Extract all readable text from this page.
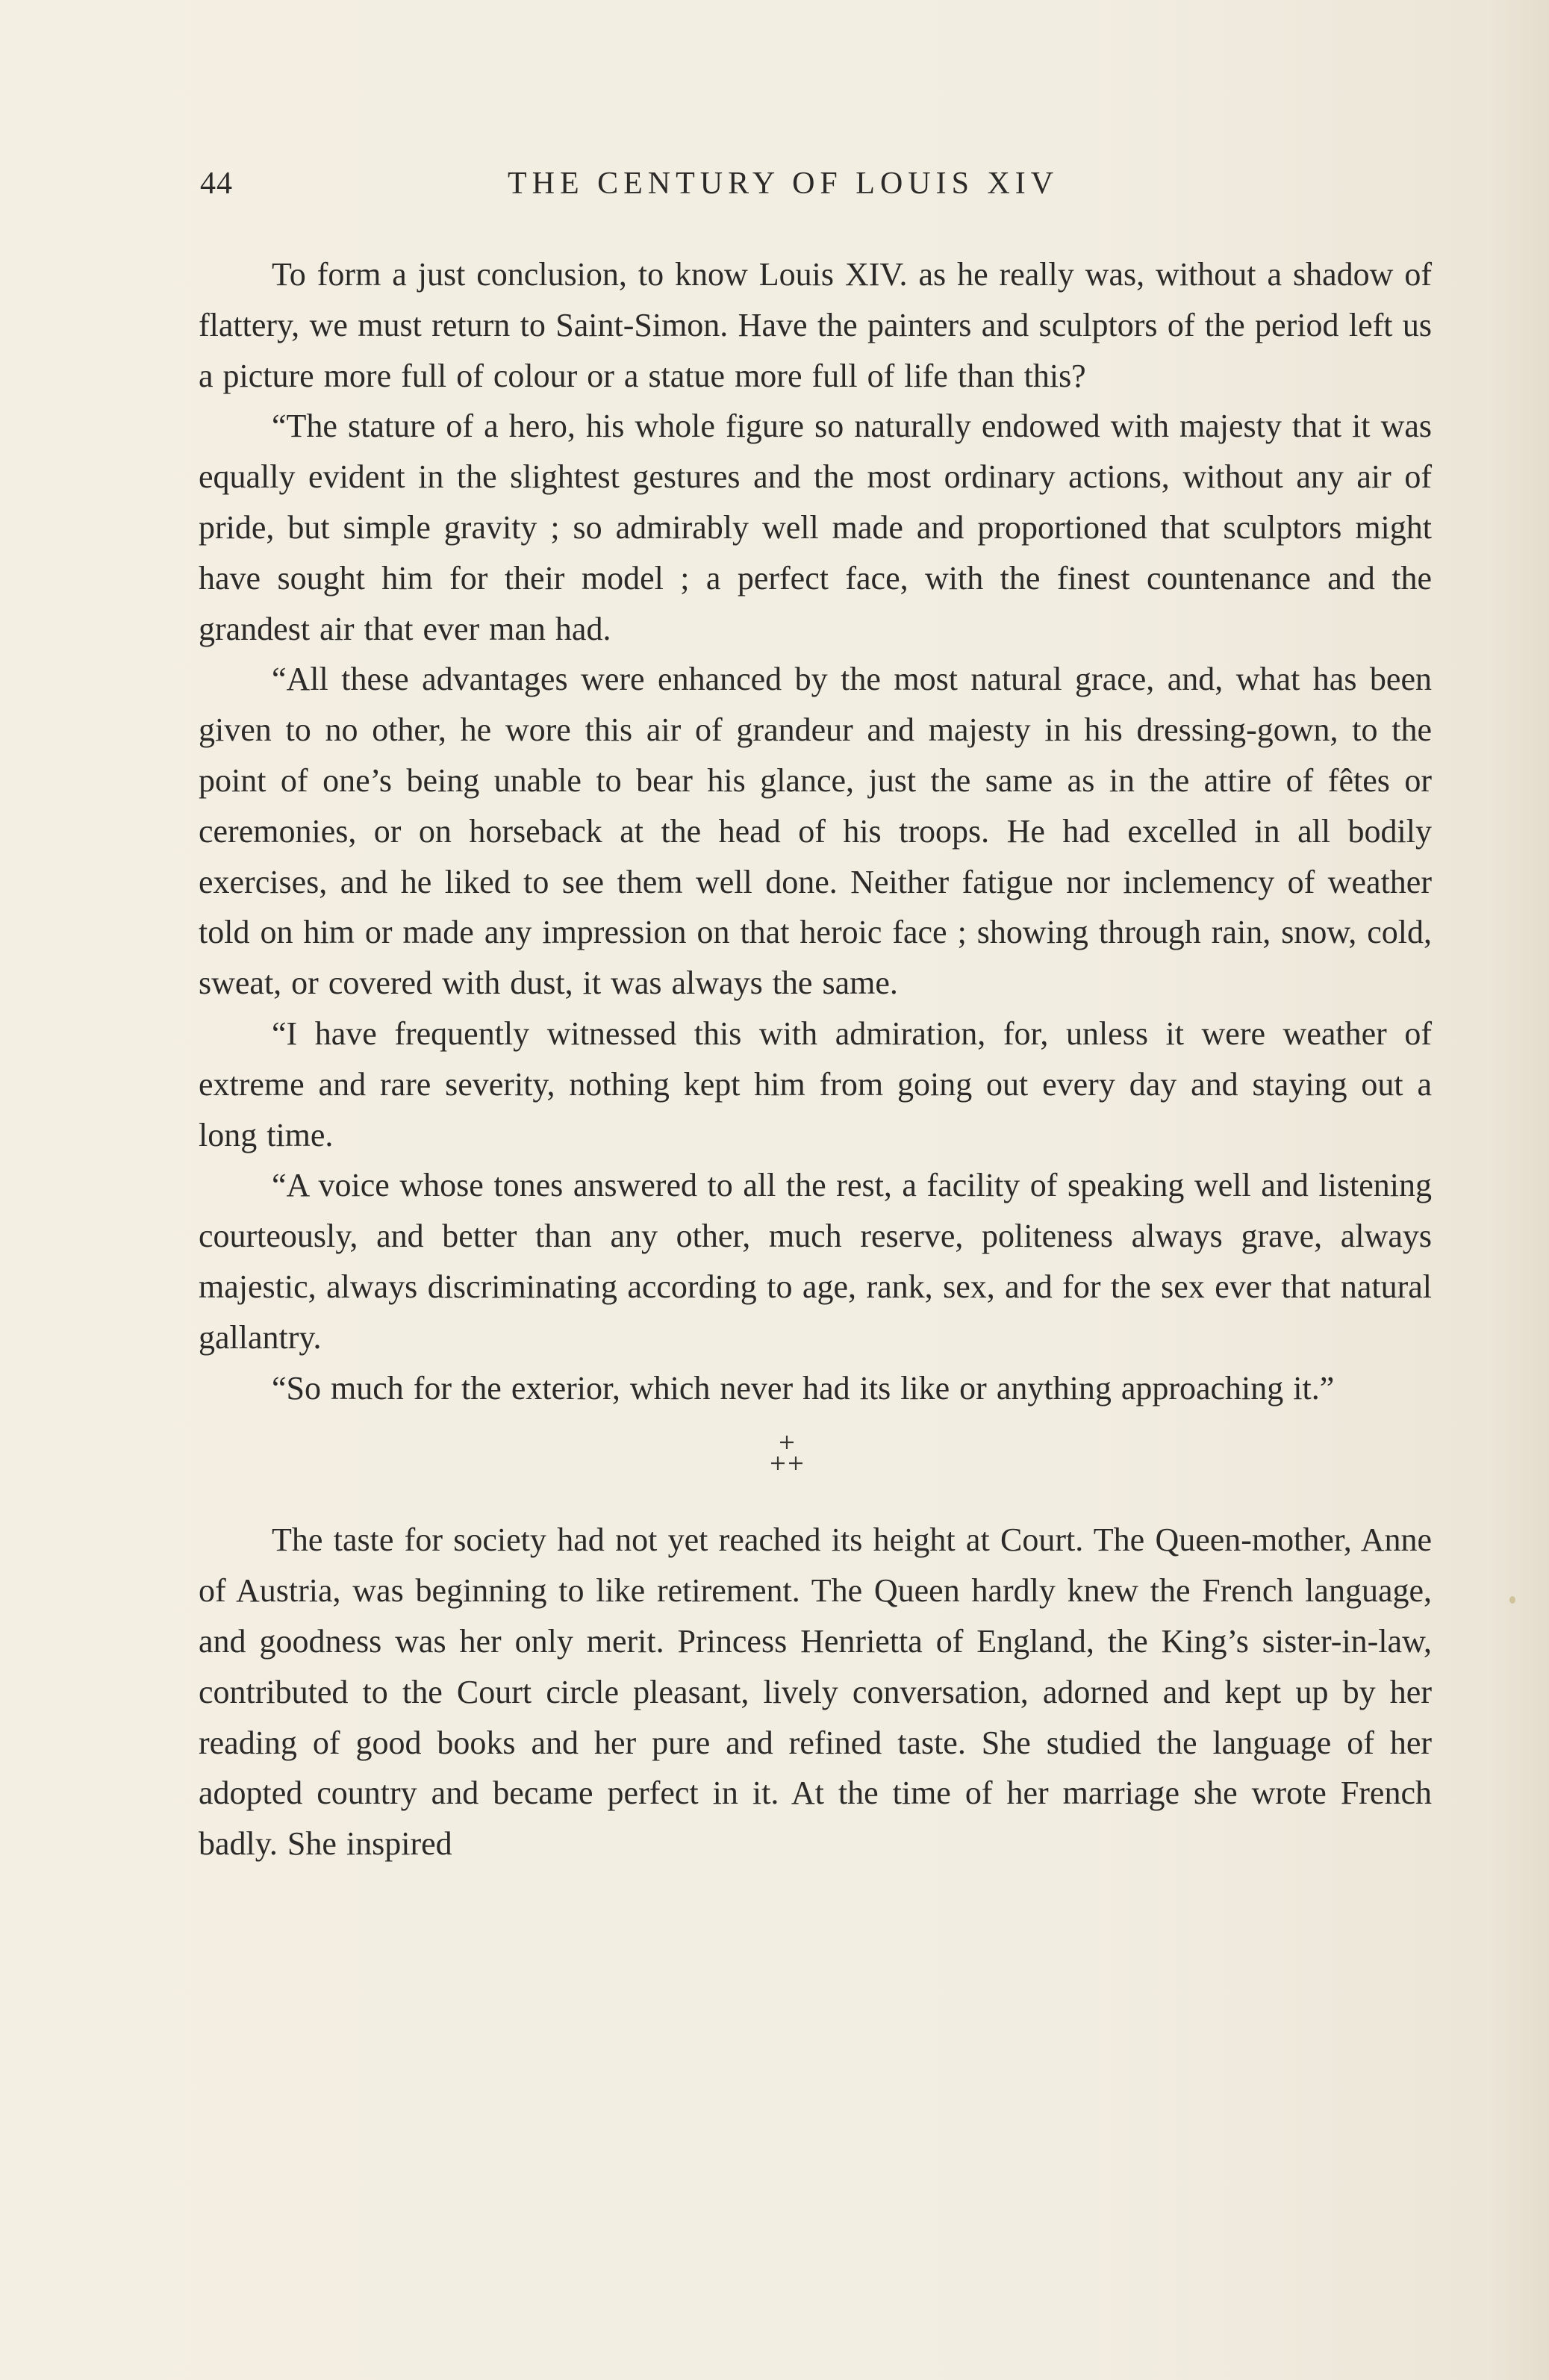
44	THE CENTURY OF LOUIS XIV

To form a just conclusion, to know Louis XIV. as he really was, without a shadow of flattery, we must return to Saint-Simon. Have the painters and sculptors of the period left us a picture more full of colour or a statue more full of life than this?

“The stature of a hero, his whole figure so naturally endowed with majesty that it was equally evident in the slightest gestures and the most ordinary actions, without any air of pride, but simple gravity ; so admirably well made and proportioned that sculptors might have sought him for their model ; a perfect face, with the finest countenance and the grandest air that ever man had.

“All these advantages were enhanced by the most natural grace, and, what has been given to no other, he wore this air of grandeur and majesty in his dressing-gown, to the point of one’s being unable to bear his glance, just the same as in the attire of fêtes or ceremonies, or on horseback at the head of his troops. He had excelled in all bodily exercises, and he liked to see them well done. Neither fatigue nor inclemency of weather told on him or made any impression on that heroic face ; showing through rain, snow, cold, sweat, or covered with dust, it was always the same.

“I have frequently witnessed this with admiration, for, unless it were weather of extreme and rare severity, nothing kept him from going out every day and staying out a long time.

“A voice whose tones answered to all the rest, a facility of speaking well and listening courteously, and better than any other, much reserve, politeness always grave, always majestic, always discriminating according to age, rank, sex, and for the sex ever that natural gallantry.

“So much for the exterior, which never had its like or anything approaching it.”

The taste for society had not yet reached its height at Court. The Queen-mother, Anne of Austria, was beginning to like retirement. The Queen hardly knew the French language, and goodness was her only merit. Princess Henrietta of England, the King’s sister-in-law, contributed to the Court circle pleasant, lively conversation, adorned and kept up by her reading of good books and her pure and refined taste. She studied the language of her adopted country and became perfect in it. At the time of her marriage she wrote French badly. She inspired
